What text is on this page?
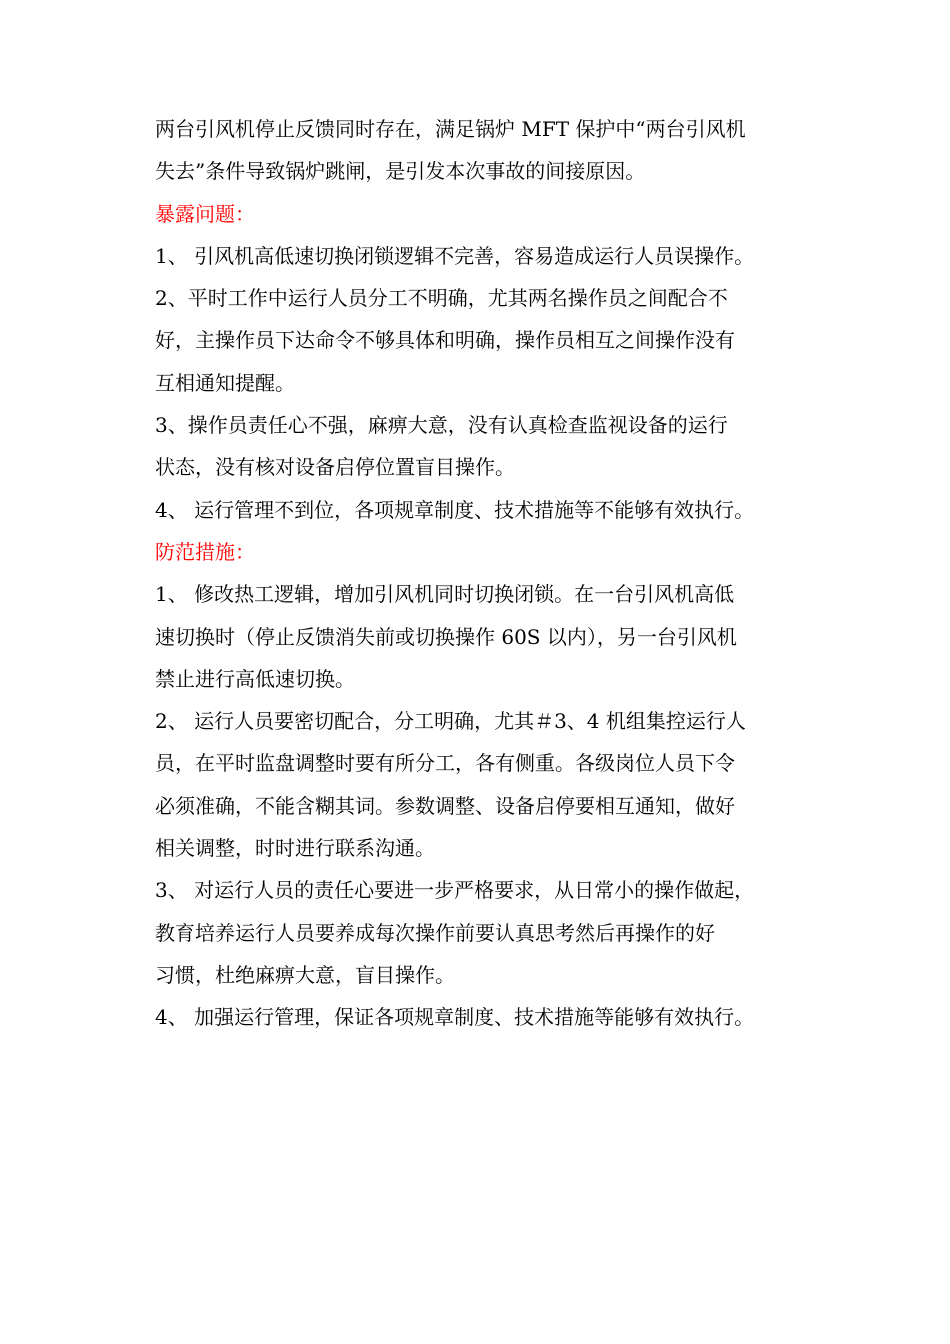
两台引风机停止反馈同时存在，满足锅炉 MFT 保护中“两台引风机
失去”条件导致锅炉跳闸，是引发本次事故的间接原因。
暴露问题：
1、 引风机高低速切换闭锁逻辑不完善，容易造成运行人员误操作。
2、平时工作中运行人员分工不明确，尤其两名操作员之间配合不
好，主操作员下达命令不够具体和明确，操作员相互之间操作没有
互相通知提醒。
3、操作员责任心不强，麻痹大意，没有认真检查监视设备的运行
状态，没有核对设备启停位置盲目操作。
4、 运行管理不到位，各项规章制度、技术措施等不能够有效执行。
防范措施：
1、 修改热工逻辑，增加引风机同时切换闭锁。在一台引风机高低
速切换时（停止反馈消失前或切换操作 60S 以内），另一台引风机
禁止进行高低速切换。
2、 运行人员要密切配合，分工明确，尤其＃3、4 机组集控运行人
员，在平时监盘调整时要有所分工，各有侧重。各级岗位人员下令
必须准确，不能含糊其词。参数调整、设备启停要相互通知，做好
相关调整，时时进行联系沟通。
3、 对运行人员的责任心要进一步严格要求，从日常小的操作做起，
教育培养运行人员要养成每次操作前要认真思考然后再操作的好
习惯，杜绝麻痹大意，盲目操作。
4、 加强运行管理，保证各项规章制度、技术措施等能够有效执行。
